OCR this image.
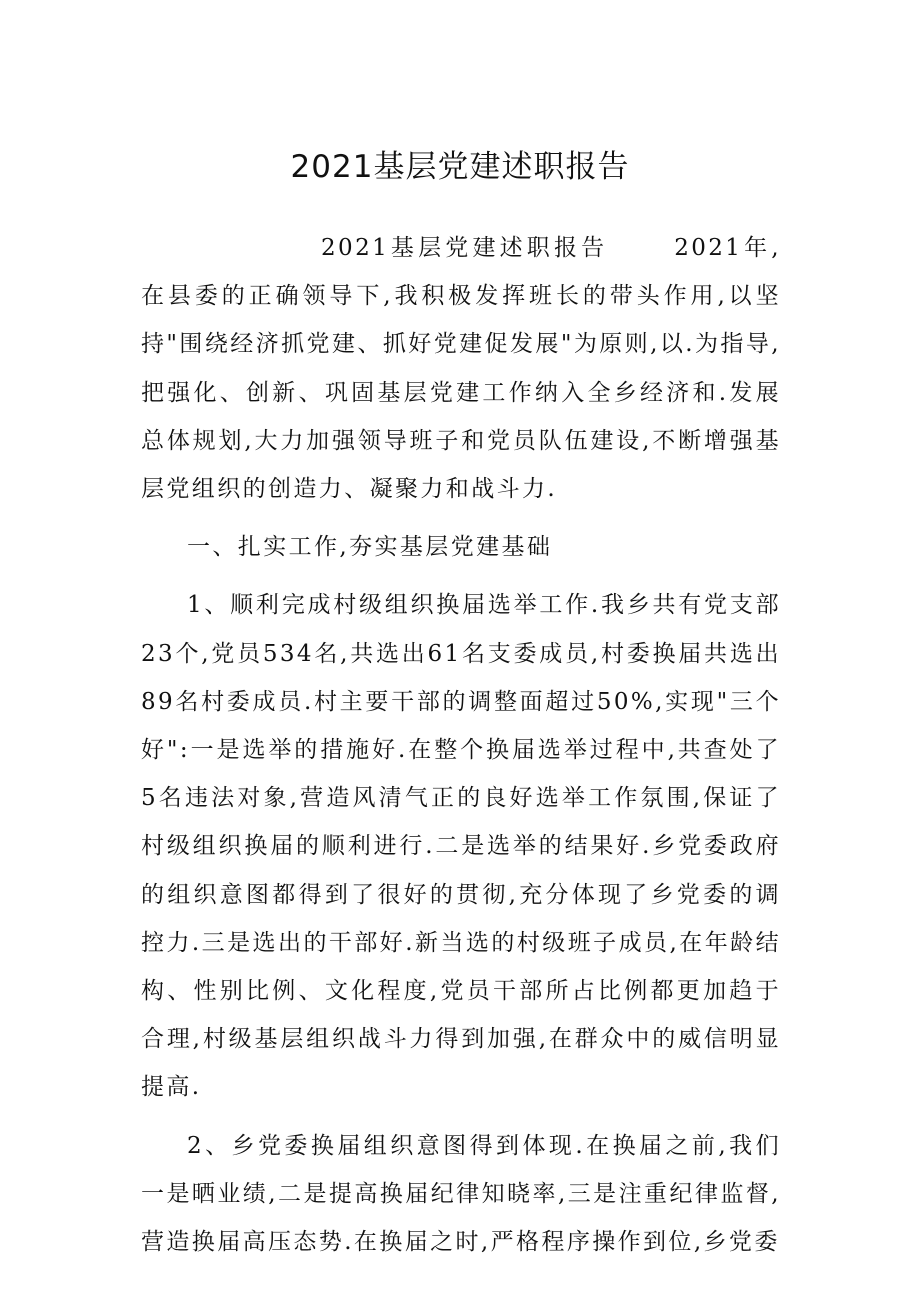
2021基层党建述职报告

2021基层党建述职报告　　 2021年,在县委的正确领导下,我积极发挥班长的带头作用,以坚持"围绕经济抓党建、抓好党建促发展"为原则,以.为指导,把强化、创新、巩固基层党建工作纳入全乡经济和.发展总体规划,大力加强领导班子和党员队伍建设,不断增强基层党组织的创造力、凝聚力和战斗力.

一、扎实工作,夯实基层党建基础

1、顺利完成村级组织换届选举工作.我乡共有党支部23个,党员534名,共选出61名支委成员,村委换届共选出89名村委成员.村主要干部的调整面超过50%,实现"三个好":一是选举的措施好.在整个换届选举过程中,共查处了5名违法对象,营造风清气正的良好选举工作氛围,保证了村级组织换届的顺利进行.二是选举的结果好.乡党委政府的组织意图都得到了很好的贯彻,充分体现了乡党委的调控力.三是选出的干部好.新当选的村级班子成员,在年龄结构、性别比例、文化程度,党员干部所占比例都更加趋于合理,村级基层组织战斗力得到加强,在群众中的威信明显提高.

2、乡党委换届组织意图得到体现.在换届之前,我们一是晒业绩,二是提高换届纪律知晓率,三是注重纪律监督,营造换届高压态势.在换届之时,严格程序操作到位,乡党委
